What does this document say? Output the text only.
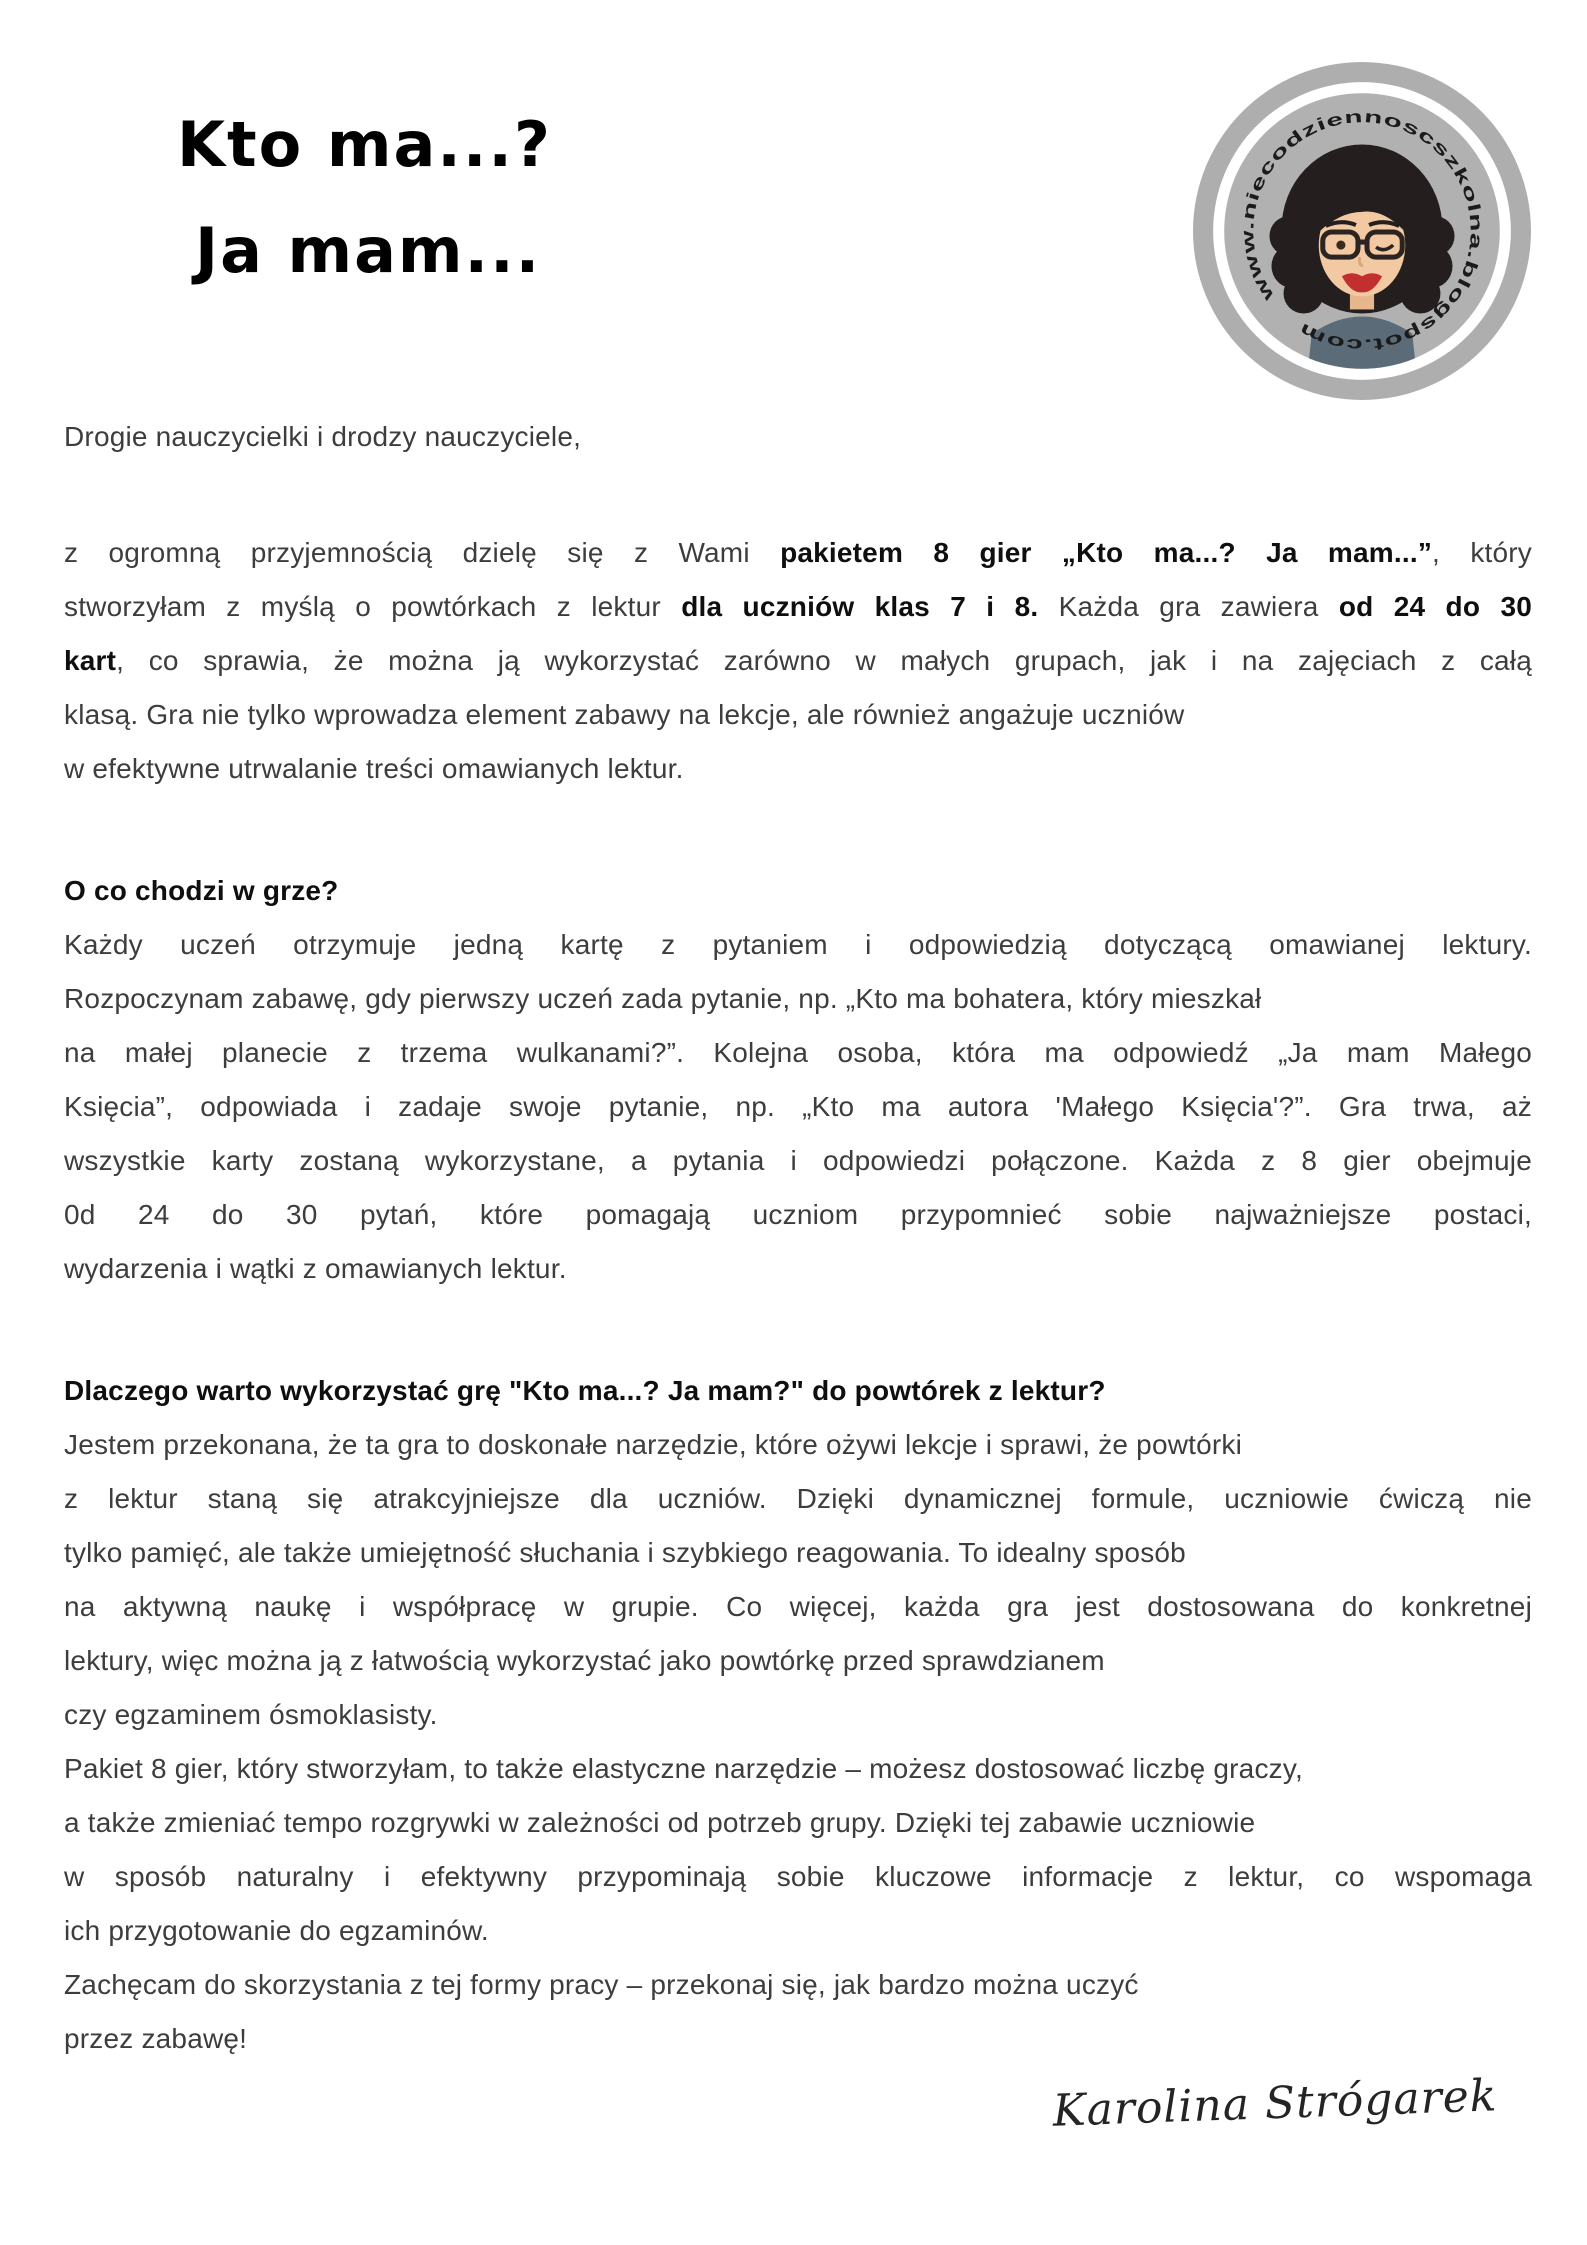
Kto ma...?
Ja mam...
www.niecodziennoscszkolna.blogspot.com
Drogie nauczycielki i drodzy nauczyciele,
z ogromną przyjemnością dzielę się z Wami pakietem 8 gier „Kto ma...? Ja mam...”, który
stworzyłam z myślą o powtórkach z lektur dla uczniów klas 7 i 8. Każda gra zawiera od 24 do 30
kart, co sprawia, że można ją wykorzystać zarówno w małych grupach, jak i na zajęciach z całą
klasą. Gra nie tylko wprowadza element zabawy na lekcje, ale również angażuje uczniów
w efektywne utrwalanie treści omawianych lektur.
O co chodzi w grze?
Każdy uczeń otrzymuje jedną kartę z pytaniem i odpowiedzią dotyczącą omawianej lektury.
Rozpoczynam zabawę, gdy pierwszy uczeń zada pytanie, np. „Kto ma bohatera, który mieszkał
na małej planecie z trzema wulkanami?”. Kolejna osoba, która ma odpowiedź „Ja mam Małego
Księcia”, odpowiada i zadaje swoje pytanie, np. „Kto ma autora 'Małego Księcia'?”. Gra trwa, aż
wszystkie karty zostaną wykorzystane, a pytania i odpowiedzi połączone. Każda z 8 gier obejmuje
0d 24 do 30 pytań, które pomagają uczniom przypomnieć sobie najważniejsze postaci,
wydarzenia i wątki z omawianych lektur.
Dlaczego warto wykorzystać grę "Kto ma...? Ja mam?" do powtórek z lektur?
Jestem przekonana, że ta gra to doskonałe narzędzie, które ożywi lekcje i sprawi, że powtórki
z lektur staną się atrakcyjniejsze dla uczniów. Dzięki dynamicznej formule, uczniowie ćwiczą nie
tylko pamięć, ale także umiejętność słuchania i szybkiego reagowania. To idealny sposób
na aktywną naukę i współpracę w grupie. Co więcej, każda gra jest dostosowana do konkretnej
lektury, więc można ją z łatwością wykorzystać jako powtórkę przed sprawdzianem
czy egzaminem ósmoklasisty.
Pakiet 8 gier, który stworzyłam, to także elastyczne narzędzie – możesz dostosować liczbę graczy,
a także zmieniać tempo rozgrywki w zależności od potrzeb grupy. Dzięki tej zabawie uczniowie
w sposób naturalny i efektywny przypominają sobie kluczowe informacje z lektur, co wspomaga
ich przygotowanie do egzaminów.
Zachęcam do skorzystania z tej formy pracy – przekonaj się, jak bardzo można uczyć
przez zabawę!
Karolina Strógarek
